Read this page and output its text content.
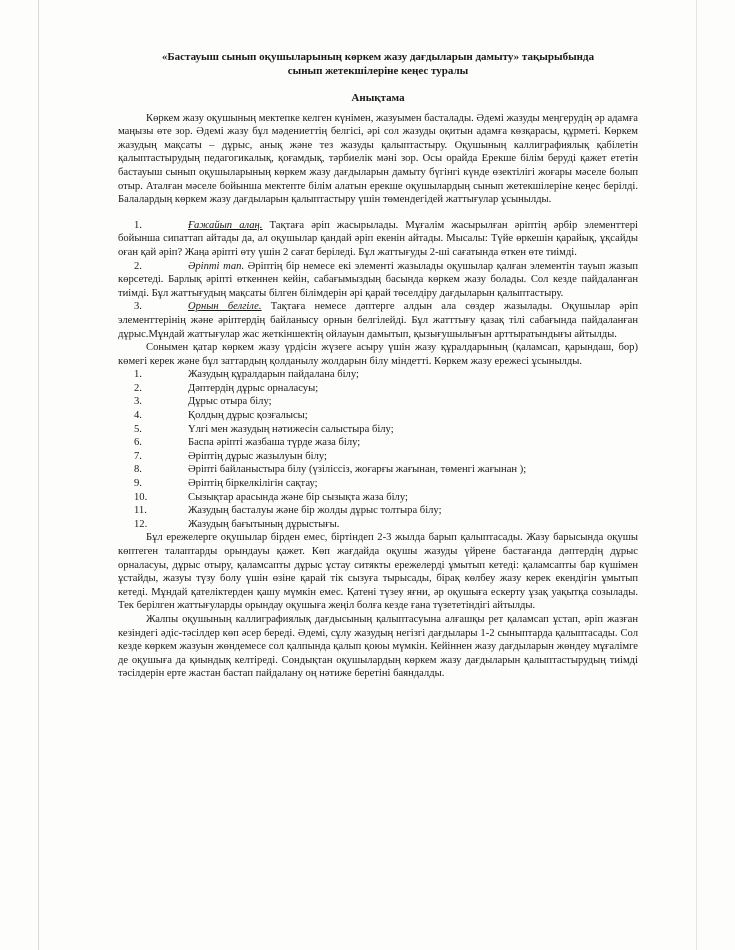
«Бастауыш сынып оқушыларының көркем жазу дағдыларын дамыту» тақырыбында
сынып жетекшілеріне кеңес туралы
Анықтама

Көркем жазу оқушының мектепке келген күнімен, жазуымен басталады. Әдемі жазуды меңгерудің әр адамға маңызы өте зор. Әдемі жазу бұл мәдениеттің белгісі, әрі сол жазуды оқитын адамға көзқарасы, құрметі. Көркем жазудың мақсаты – дұрыс, анық және тез жазуды қалыптастыру. Оқушының каллиграфиялық қабілетін қалыптастырудың педагогикалық, қоғамдық, тәрбиелік мәні зор. Осы орайда Ерекше білім беруді қажет ететін бастауыш сынып оқушыларының көркем жазу дағдыларын дамыту бүгінгі күнде өзектілігі жоғары мәселе болып отыр. Аталған мәселе бойынша мектепте білім алатын ерекше оқушылардың сынып жетекшілеріне кеңес берілді. Балалардың көркем жазу дағдыларын қалыптастыру үшін төмендегідей жаттығулар ұсынылды.

1.	Ғажайып алаң. Тақтаға әріп жасырылады. Мұғалім жасырылған әріптің әрбір элементтері бойынша сипаттап айтады да, ал оқушылар қандай әріп екенін айтады. Мысалы: Түйе өркешін қарайық, ұқсайды оған қай әріп? Жаңа әріпті өту үшін 2 сағат беріледі. Бұл жаттығуды 2-ші сағатында өткен өте тиімді.

2.	Әріпті тап. Әріптің бір немесе екі элементі жазылады оқушылар қалған элементін тауып жазып көрсетеді. Барлық әріпті өткеннен кейін, сабағымыздың басында көркем жазу болады. Сол кезде пайдаланған тиімді. Бұл жаттығудың мақсаты білген білімдерін әрі қарай төселдіру дағдыларын қалыптастыру.

3.	Орнын белгіле. Тақтаға немесе дәптерге алдын ала сөздер жазылады. Оқушылар әріп элементтерінің және әріптердің байланысу орнын белгілейді. Бұл жатттығу қазақ тілі сабағында пайдаланған дұрыс.Мұндай жаттығулар жас жеткіншектің ойлауын дамытып, қызығушылығын арттыратындығы айтылды.

Сонымен қатар көркем жазу үрдісін жүзеге асыру үшін жазу құралдарының (қаламсап, қарындаш, бор) көмегі керек және бұл заттардың қолданылу жолдарын білу міндетті. Көркем жазу ережесі ұсынылды.

1.	Жазудың құралдарын пайдалана білу;
2.	Дәптердің дұрыс орналасуы;
3.	Дұрыс отыра білу;
4.	Қолдың дұрыс қозғалысы;
5.	Үлгі мен жазудың нәтижесін салыстыра білу;
6.	Баспа әріпті жазбаша түрде жаза білу;
7.	Әріптің дұрыс жазылуын білу;
8.	Әріпті байланыстыра білу (үзіліссіз, жоғарғы жағынан, төменгі жағынан );
9.	Әріптің біркелкілігін сақтау;
10.	Сызықтар арасында және бір сызықта жаза білу;
11.	Жазудың басталуы және бір жолды дұрыс толтыра білу;
12.	Жазудың бағытының дұрыстығы.

Бұл ережелерге оқушылар бірден емес, біртіндеп 2-3 жылда барып қалыптасады. Жазу барысында оқушы көптеген талаптарды орындауы қажет. Көп жағдайда оқушы жазуды үйрене бастағанда дәптердің дұрыс орналасуы, дұрыс отыру, қаламсапты дұрыс ұстау ситякты ережелерді ұмытып кетеді: қаламсапты бар күшімен ұстайды, жазуы түзу болу үшін өзіне қарай тік сызуға тырысады, бірақ көлбеу жазу керек екендігін ұмытып кетеді. Мұндай қателіктерден қашу мүмкін емес. Қатені түзеу яғни, әр оқушыға ескерту ұзақ уақытқа созылады. Тек берілген жаттығуларды орындау оқушыға жеңіл болға кезде ғана түзететіндігі айтылды.

Жалпы оқушының каллиграфиялық дағдысының қалыптасуына алғашқы рет қаламсап ұстап, әріп жазған кезіндегі әдіс-тәсілдер көп әсер береді. Әдемі, сұлу жазудың негізгі дағдылары 1-2 сыныптарда қалыптасады. Сол кезде көркем жазуын жөндемесе сол қалпында қалып қоюы мүмкін. Кейіннен жазу дағдыларын жөндеу мұғалімге де оқушыға да қиындық келтіреді. Сондықтан оқушылардың көркем жазу дағдыларын қалыптастырудың тиімді тәсілдерін ерте жастан бастап пайдалану оң нәтиже беретіні баяндалды.
